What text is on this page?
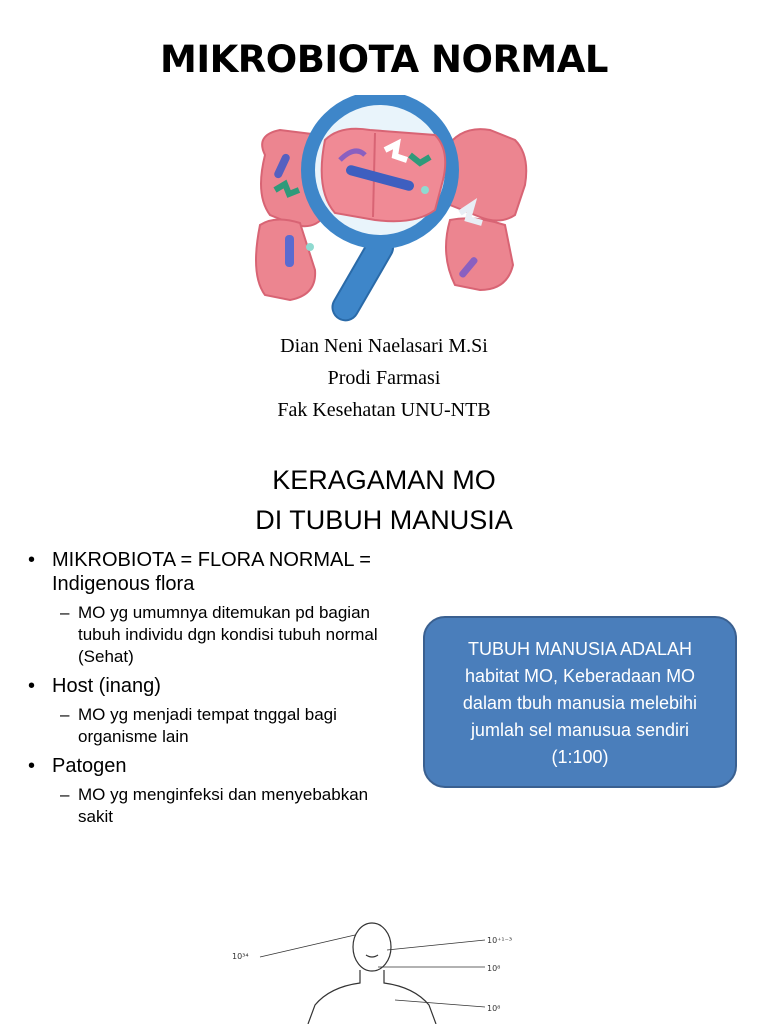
MIKROBIOTA NORMAL
Dian Neni Naelasari M.Si
Prodi Farmasi
Fak Kesehatan UNU-NTB
KERAGAMAN MO
DI TUBUH MANUSIA
• MIKROBIOTA = FLORA NORMAL = Indigenous flora
– MO yg umumnya ditemukan pd bagian tubuh individu dgn kondisi tubuh normal (Sehat)
• Host (inang)
– MO yg menjadi tempat tnggal bagi organisme lain
• Patogen
– MO yg menginfeksi dan menyebabkan sakit
TUBUH MANUSIA ADALAH
habitat MO, Keberadaan MO
dalam tbuh manusia melebihi
jumlah sel manusua sendiri
(1:100)
10³⁴
10⁺¹⁻³
10⁸
10⁸
